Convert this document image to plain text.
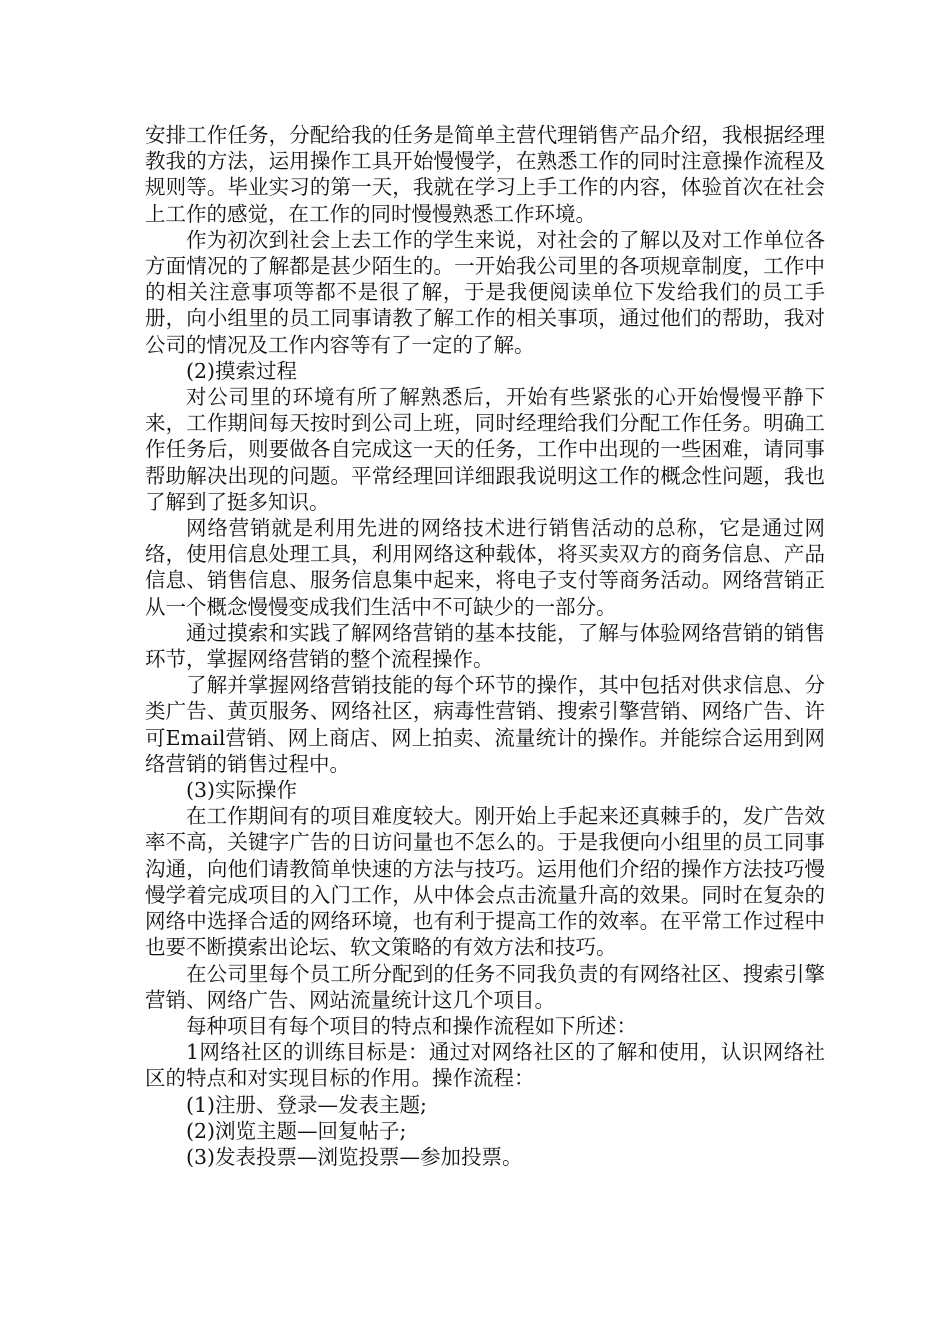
安排工作任务，分配给我的任务是简单主营代理销售产品介绍，我根据经理教我的方法，运用操作工具开始慢慢学，在熟悉工作的同时注意操作流程及规则等。毕业实习的第一天，我就在学习上手工作的内容，体验首次在社会上工作的感觉，在工作的同时慢慢熟悉工作环境。

作为初次到社会上去工作的学生来说，对社会的了解以及对工作单位各方面情况的了解都是甚少陌生的。一开始我公司里的各项规章制度，工作中的相关注意事项等都不是很了解，于是我便阅读单位下发给我们的员工手册，向小组里的员工同事请教了解工作的相关事项，通过他们的帮助，我对公司的情况及工作内容等有了一定的了解。

(2)摸索过程

对公司里的环境有所了解熟悉后，开始有些紧张的心开始慢慢平静下来，工作期间每天按时到公司上班，同时经理给我们分配工作任务。明确工作任务后，则要做各自完成这一天的任务，工作中出现的一些困难，请同事帮助解决出现的问题。平常经理回详细跟我说明这工作的概念性问题，我也了解到了挺多知识。

网络营销就是利用先进的网络技术进行销售活动的总称，它是通过网络，使用信息处理工具，利用网络这种载体，将买卖双方的商务信息、产品信息、销售信息、服务信息集中起来，将电子支付等商务活动。网络营销正从一个概念慢慢变成我们生活中不可缺少的一部分。

通过摸索和实践了解网络营销的基本技能，了解与体验网络营销的销售环节，掌握网络营销的整个流程操作。

了解并掌握网络营销技能的每个环节的操作，其中包括对供求信息、分类广告、黄页服务、网络社区，病毒性营销、搜索引擎营销、网络广告、许可Email营销、网上商店、网上拍卖、流量统计的操作。并能综合运用到网络营销的销售过程中。

(3)实际操作

在工作期间有的项目难度较大。刚开始上手起来还真棘手的，发广告效率不高，关键字广告的日访问量也不怎么的。于是我便向小组里的员工同事沟通，向他们请教简单快速的方法与技巧。运用他们介绍的操作方法技巧慢慢学着完成项目的入门工作，从中体会点击流量升高的效果。同时在复杂的网络中选择合适的网络环境，也有利于提高工作的效率。在平常工作过程中也要不断摸索出论坛、软文策略的有效方法和技巧。

在公司里每个员工所分配到的任务不同我负责的有网络社区、搜索引擎营销、网络广告、网站流量统计这几个项目。

每种项目有每个项目的特点和操作流程如下所述：

1网络社区的训练目标是：通过对网络社区的了解和使用，认识网络社区的特点和对实现目标的作用。操作流程：

(1)注册、登录—发表主题;

(2)浏览主题—回复帖子;

(3)发表投票—浏览投票—参加投票。
